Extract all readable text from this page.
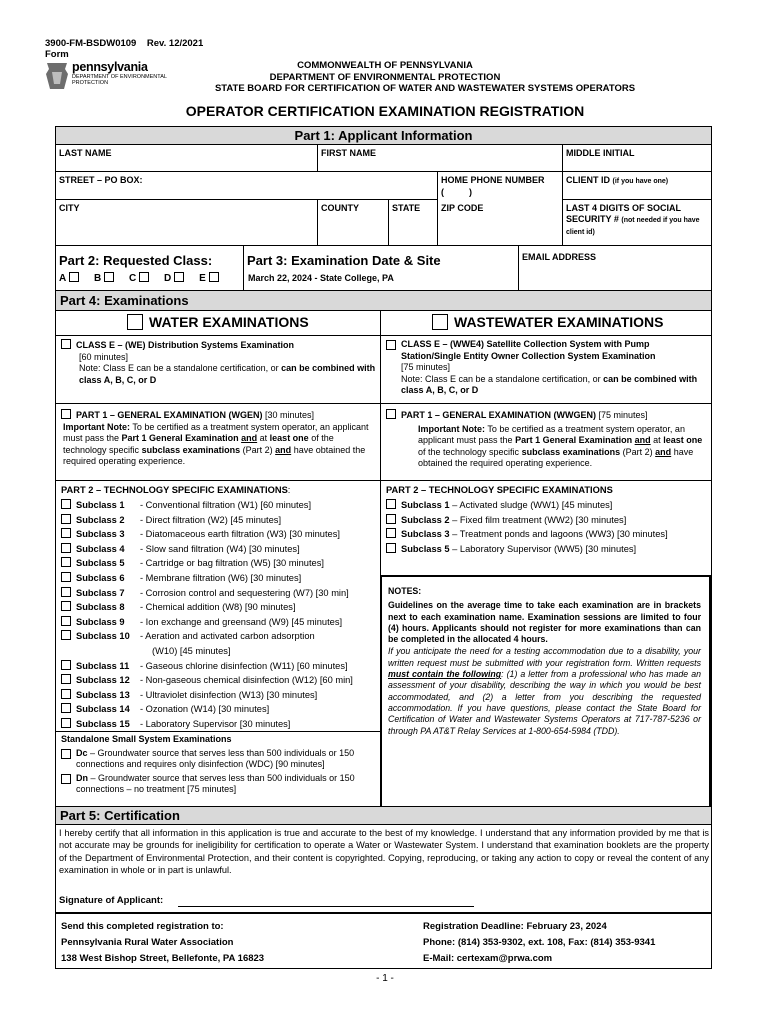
3900-FM-BSDW0109 Rev. 12/2021
Form
pennsylvania
DEPARTMENT OF ENVIRONMENTAL
PROTECTION
COMMONWEALTH OF PENNSYLVANIA
DEPARTMENT OF ENVIRONMENTAL PROTECTION
STATE BOARD FOR CERTIFICATION OF WATER AND WASTEWATER SYSTEMS OPERATORS
OPERATOR CERTIFICATION EXAMINATION REGISTRATION
Part 1: Applicant Information
LAST NAME	FIRST NAME	MIDDLE INITIAL
STREET – PO BOX:	HOME PHONE NUMBER
(          )
CLIENT ID (if you have one)
CITY	COUNTY	STATE ZIP CODE	LAST 4 DIGITS OF SOCIAL SECURITY # (not needed if you have client id)
Part 2: Requested Class:
A	B	C	D	E
Part 3: Examination Date & Site
March 22, 2024 - State College, PA
EMAIL ADDRESS
Part 4: Examinations
WATER EXAMINATIONS	WASTEWATER EXAMINATIONS
CLASS E – (WE) Distribution Systems Examination
[60 minutes]
Note: Class E can be a standalone certification, or can be combined with class A, B, C, or D
CLASS E – (WWE4) Satellite Collection System with Pump Station/Single Entity Owner Collection System Examination
[75 minutes]
Note: Class E can be a standalone certification, or can be combined with class A, B, C, or D
PART 1 – GENERAL EXAMINATION (WGEN) [30 minutes]
Important Note: To be certified as a treatment system operator, an applicant must pass the Part 1 General Examination and at least one of the technology specific subclass examinations (Part 2) and have obtained the required operating experience.
PART 1 – GENERAL EXAMINATION (WWGEN) [75 minutes]
Important Note: To be certified as a treatment system operator, an applicant must pass the Part 1 General Examination and at least one of the technology specific subclass examinations (Part 2) and have obtained the required operating experience.
PART 2 – TECHNOLOGY SPECIFIC EXAMINATIONS:
Subclass 1 - Conventional filtration (W1) [60 minutes]
Subclass 2 - Direct filtration (W2) [45 minutes]
Subclass 3 - Diatomaceous earth filtration (W3) [30 minutes]
Subclass 4 - Slow sand filtration (W4) [30 minutes]
Subclass 5 - Cartridge or bag filtration (W5) [30 minutes]
Subclass 6 - Membrane filtration (W6) [30 minutes]
Subclass 7 - Corrosion control and sequestering (W7) [30 min]
Subclass 8 - Chemical addition (W8) [90 minutes]
Subclass 9 - Ion exchange and greensand (W9) [45 minutes]
Subclass 10 - Aeration and activated carbon adsorption
(W10) [45 minutes]
Subclass 11 - Gaseous chlorine disinfection (W11) [60 minutes]
Subclass 12 - Non-gaseous chemical disinfection (W12) [60 min]
Subclass 13 - Ultraviolet disinfection (W13) [30 minutes]
Subclass 14 - Ozonation (W14) [30 minutes]
Subclass 15 - Laboratory Supervisor [30 minutes]
Standalone Small System Examinations
Dc – Groundwater source that serves less than 500 individuals or 150 connections and requires only disinfection (WDC) [90 minutes]
Dn – Groundwater source that serves less than 500 individuals or 150 connections – no treatment [75 minutes]
PART 2 – TECHNOLOGY SPECIFIC EXAMINATIONS
Subclass 1 – Activated sludge (WW1) [45 minutes]
Subclass 2 – Fixed film treatment (WW2) [30 minutes]
Subclass 3 – Treatment ponds and lagoons (WW3) [30 minutes]
Subclass 5 – Laboratory Supervisor (WW5) [30 minutes]
NOTES:
Guidelines on the average time to take each examination are in brackets next to each examination name. Examination sessions are limited to four (4) hours. Applicants should not register for more examinations than can be completed in the allocated 4 hours.
If you anticipate the need for a testing accommodation due to a disability, your written request must be submitted with your registration form. Written requests must contain the following: (1) a letter from a professional who has made an assessment of your disability, describing the way in which you would be best accommodated, and (2) a letter from you describing the requested accommodation. If you have questions, please contact the State Board for Certification of Water and Wastewater Systems Operators at 717-787-5236 or through PA AT&T Relay Services at 1-800-654-5984 (TDD).
Part 5: Certification
I hereby certify that all information in this application is true and accurate to the best of my knowledge. I understand that any information provided by me that is not accurate may be grounds for ineligibility for certification to operate a Water or Wastewater System. I understand that examination booklets are the property of the Department of Environmental Protection, and their content is copyrighted. Copying, reproducing, or taking any action to copy or reveal the content of any examination in whole or in part is unlawful.
Signature of Applicant:
Send this completed registration to:
Pennsylvania Rural Water Association
138 West Bishop Street, Bellefonte, PA 16823
Registration Deadline: February 23, 2024
Phone: (814) 353-9302, ext. 108, Fax: (814) 353-9341
E-Mail: certexam@prwa.com
- 1 -
